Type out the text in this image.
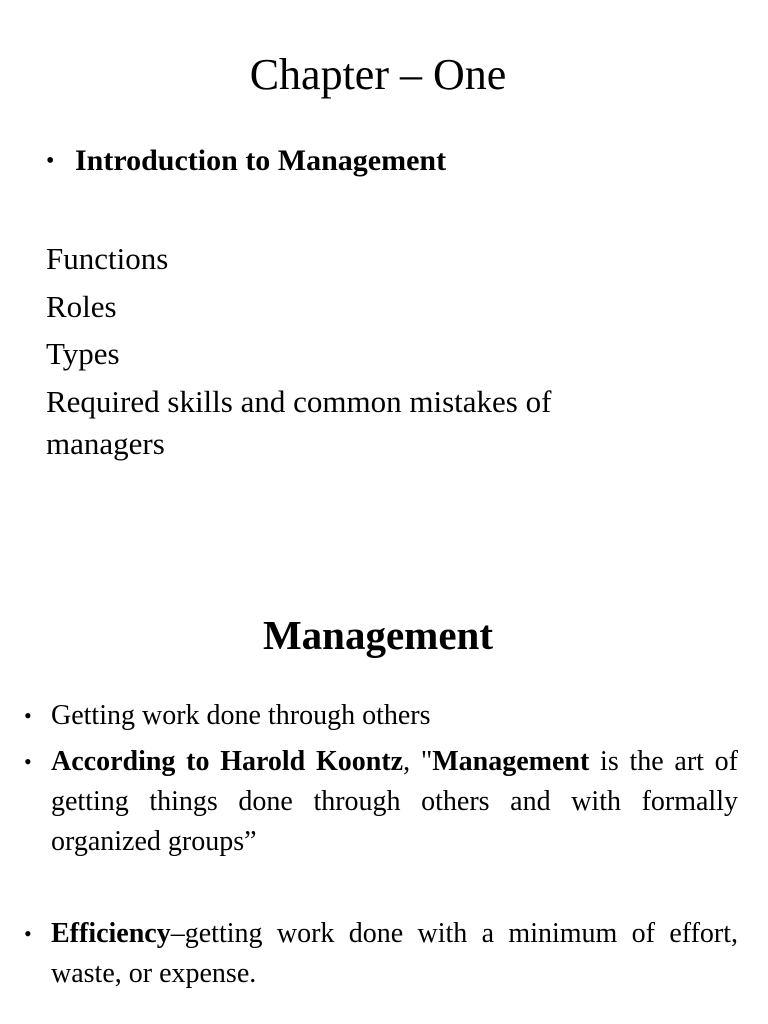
Chapter – One
• Introduction to Management
Functions
Roles
Types
Required skills and common mistakes of managers
Management
• Getting work done through others
• According to Harold Koontz, "Management is the art of getting things done through others and with formally organized groups”
• Efficiency–getting work done with a minimum of effort, waste, or expense.
